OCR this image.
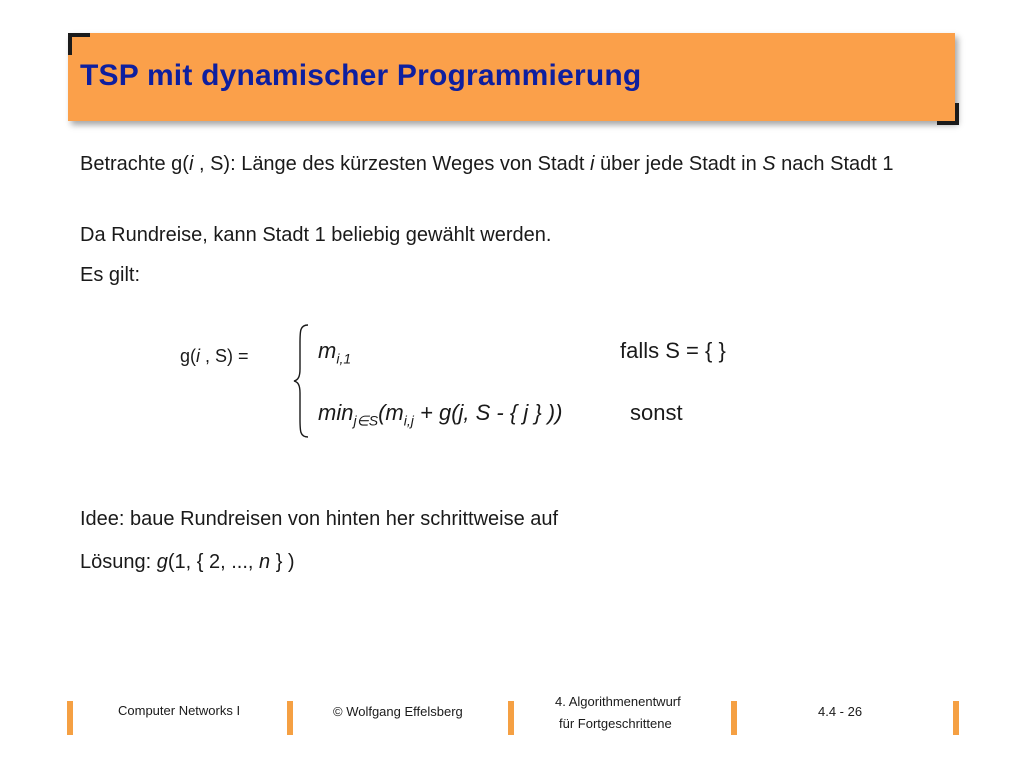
TSP mit dynamischer Programmierung
Betrachte g(i , S): Länge des kürzesten Weges von Stadt i über jede Stadt in S nach Stadt 1
Da Rundreise, kann Stadt 1 beliebig gewählt werden.
Es gilt:
g(i , S) =	$m_{i,1}$	falls S = { }
$\min_{j\in S}(m_{i,j} + g(j$, S - { j } ))	sonst
Idee: baue Rundreisen von hinten her schrittweise auf
Lösung: g(1, { 2, ..., n } )
Computer Networks I	© Wolfgang Effelsberg
4. Algorithmenentwurf
für Fortgeschrittene
4.4 - 26
